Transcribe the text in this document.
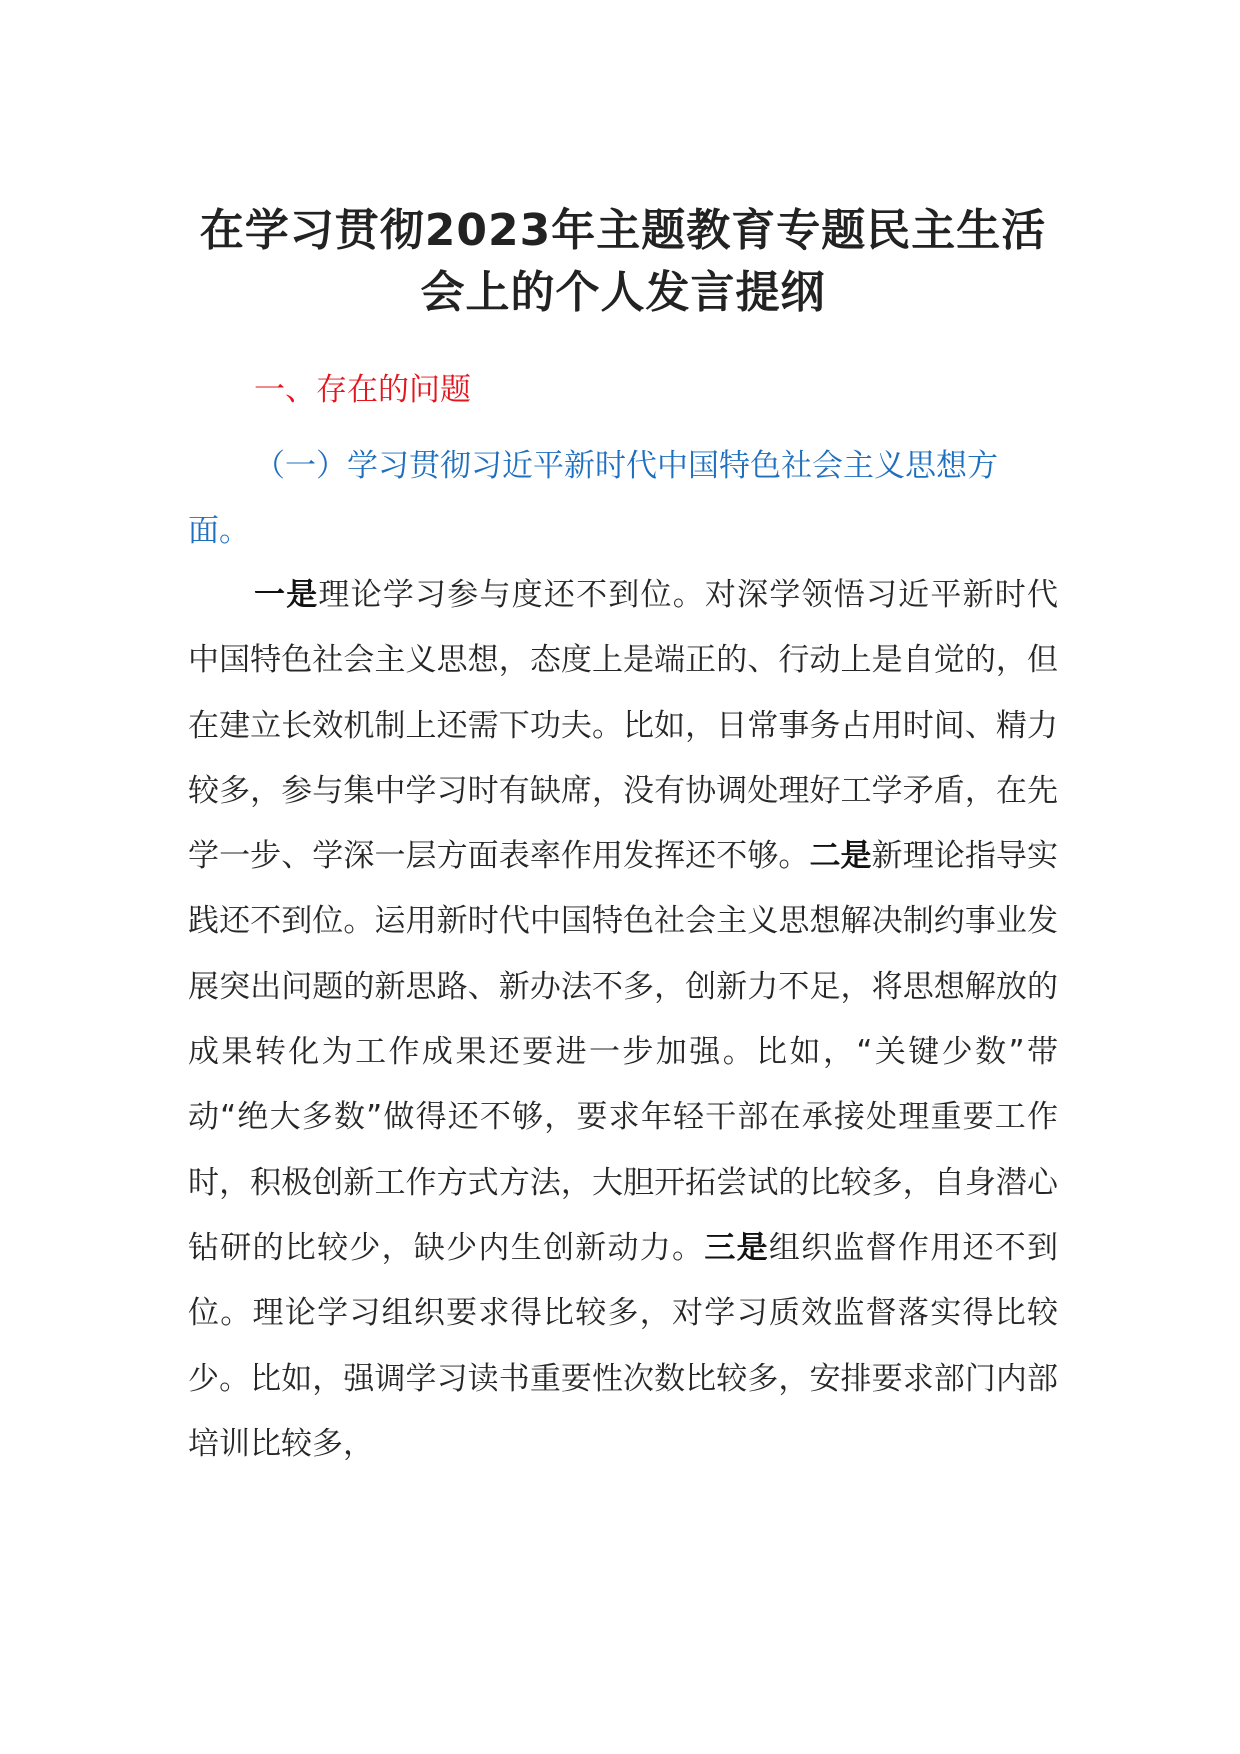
在学习贯彻2023年主题教育专题民主生活
会上的个人发言提纲
一、存在的问题
（一）学习贯彻习近平新时代中国特色社会主义思想方面。
一是理论学习参与度还不到位。对深学领悟习近平新时代中国特色社会主义思想，态度上是端正的、行动上是自觉的，但在建立长效机制上还需下功夫。比如，日常事务占用时间、精力较多，参与集中学习时有缺席，没有协调处理好工学矛盾，在先学一步、学深一层方面表率作用发挥还不够。二是新理论指导实践还不到位。运用新时代中国特色社会主义思想解决制约事业发展突出问题的新思路、新办法不多，创新力不足，将思想解放的成果转化为工作成果还要进一步加强。比如，“关键少数”带动“绝大多数”做得还不够，要求年轻干部在承接处理重要工作时，积极创新工作方式方法，大胆开拓尝试的比较多，自身潜心钻研的比较少，缺少内生创新动力。三是组织监督作用还不到位。理论学习组织要求得比较多，对学习质效监督落实得比较少。比如，强调学习读书重要性次数比较多，安排要求部门内部培训比较多，
